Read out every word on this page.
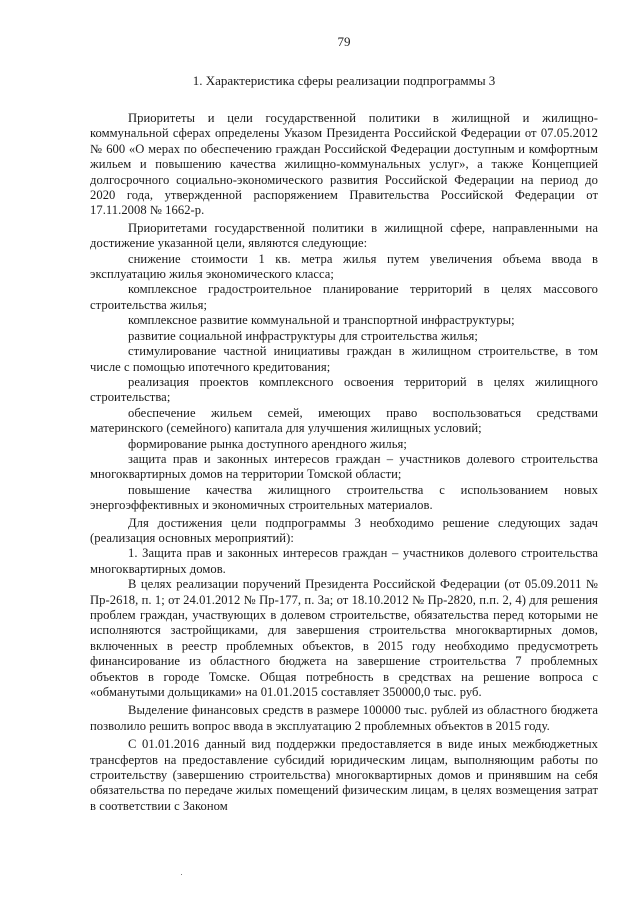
79
1. Характеристика сферы реализации подпрограммы 3

Приоритеты и цели государственной политики в жилищной и жилищно-коммунальной сферах определены Указом Президента Российской Федерации от 07.05.2012 № 600 «О мерах по обеспечению граждан Российской Федерации доступным и комфортным жильем и повышению качества жилищно-коммунальных услуг», а также Концепцией долгосрочного социально-экономического развития Российской Федерации на период до 2020 года, утвержденной распоряжением Правительства Российской Федерации от 17.11.2008 № 1662-р.

Приоритетами государственной политики в жилищной сфере, направленными на достижение указанной цели, являются следующие:

снижение стоимости 1 кв. метра жилья путем увеличения объема ввода в эксплуатацию жилья экономического класса;

комплексное градостроительное планирование территорий в целях массового строительства жилья;

комплексное развитие коммунальной и транспортной инфраструктуры;

развитие социальной инфраструктуры для строительства жилья;

стимулирование частной инициативы граждан в жилищном строительстве, в том числе с помощью ипотечного кредитования;

реализация проектов комплексного освоения территорий в целях жилищного строительства;

обеспечение жильем семей, имеющих право воспользоваться средствами материнского (семейного) капитала для улучшения жилищных условий;

формирование рынка доступного арендного жилья;

защита прав и законных интересов граждан – участников долевого строительства многоквартирных домов на территории Томской области;

повышение качества жилищного строительства с использованием новых энергоэффективных и экономичных строительных материалов.

Для достижения цели подпрограммы 3 необходимо решение следующих задач (реализация основных мероприятий):

1. Защита прав и законных интересов граждан – участников долевого строительства многоквартирных домов.

В целях реализации поручений Президента Российской Федерации (от 05.09.2011 № Пр-2618, п. 1; от 24.01.2012 № Пр-177, п. 3а; от 18.10.2012 № Пр-2820, п.п. 2, 4) для решения проблем граждан, участвующих в долевом строительстве, обязательства перед которыми не исполняются застройщиками, для завершения строительства многоквартирных домов, включенных в реестр проблемных объектов, в 2015 году необходимо предусмотреть финансирование из областного бюджета на завершение строительства 7 проблемных объектов в городе Томске. Общая потребность в средствах на решение вопроса с «обманутыми дольщиками» на 01.01.2015 составляет 350000,0 тыс. руб.

Выделение финансовых средств в размере 100000 тыс. рублей из областного бюджета позволило решить вопрос ввода в эксплуатацию 2 проблемных объектов в 2015 году.

С 01.01.2016 данный вид поддержки предоставляется в виде иных межбюджетных трансфертов на предоставление субсидий юридическим лицам, выполняющим работы по строительству (завершению строительства) многоквартирных домов и принявшим на себя обязательства по передаче жилых помещений физическим лицам, в целях возмещения затрат в соответствии с Законом
